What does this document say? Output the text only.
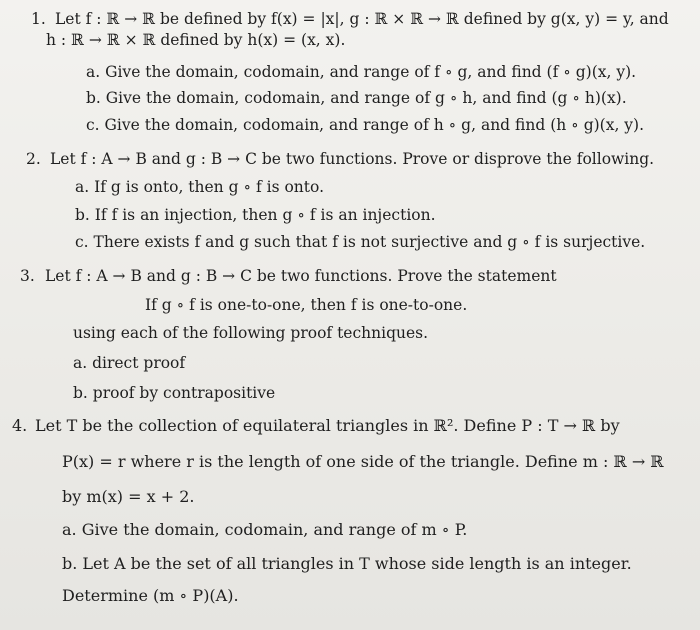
1. Let f : ℝ → ℝ be defined by f(x) = |x|, g : ℝ × ℝ → ℝ defined by g(x, y) = y, and
h : ℝ → ℝ × ℝ defined by h(x) = (x, x).
a. Give the domain, codomain, and range of f ∘ g, and find (f ∘ g)(x, y).
b. Give the domain, codomain, and range of g ∘ h, and find (g ∘ h)(x).
c. Give the domain, codomain, and range of h ∘ g, and find (h ∘ g)(x, y).
2. Let f : A → B and g : B → C be two functions. Prove or disprove the following.
a. If g is onto, then g ∘ f is onto.
b. If f is an injection, then g ∘ f is an injection.
c. There exists f and g such that f is not surjective and g ∘ f is surjective.
3. Let f : A → B and g : B → C be two functions. Prove the statement
If g ∘ f is one-to-one, then f is one-to-one.
using each of the following proof techniques.
a. direct proof
b. proof by contrapositive
4. Let T be the collection of equilateral triangles in ℝ². Define P : T → ℝ by
P(x) = r where r is the length of one side of the triangle. Define m : ℝ → ℝ
by m(x) = x + 2.
a. Give the domain, codomain, and range of m ∘ P.
b. Let A be the set of all triangles in T whose side length is an integer.
Determine (m ∘ P)(A).
